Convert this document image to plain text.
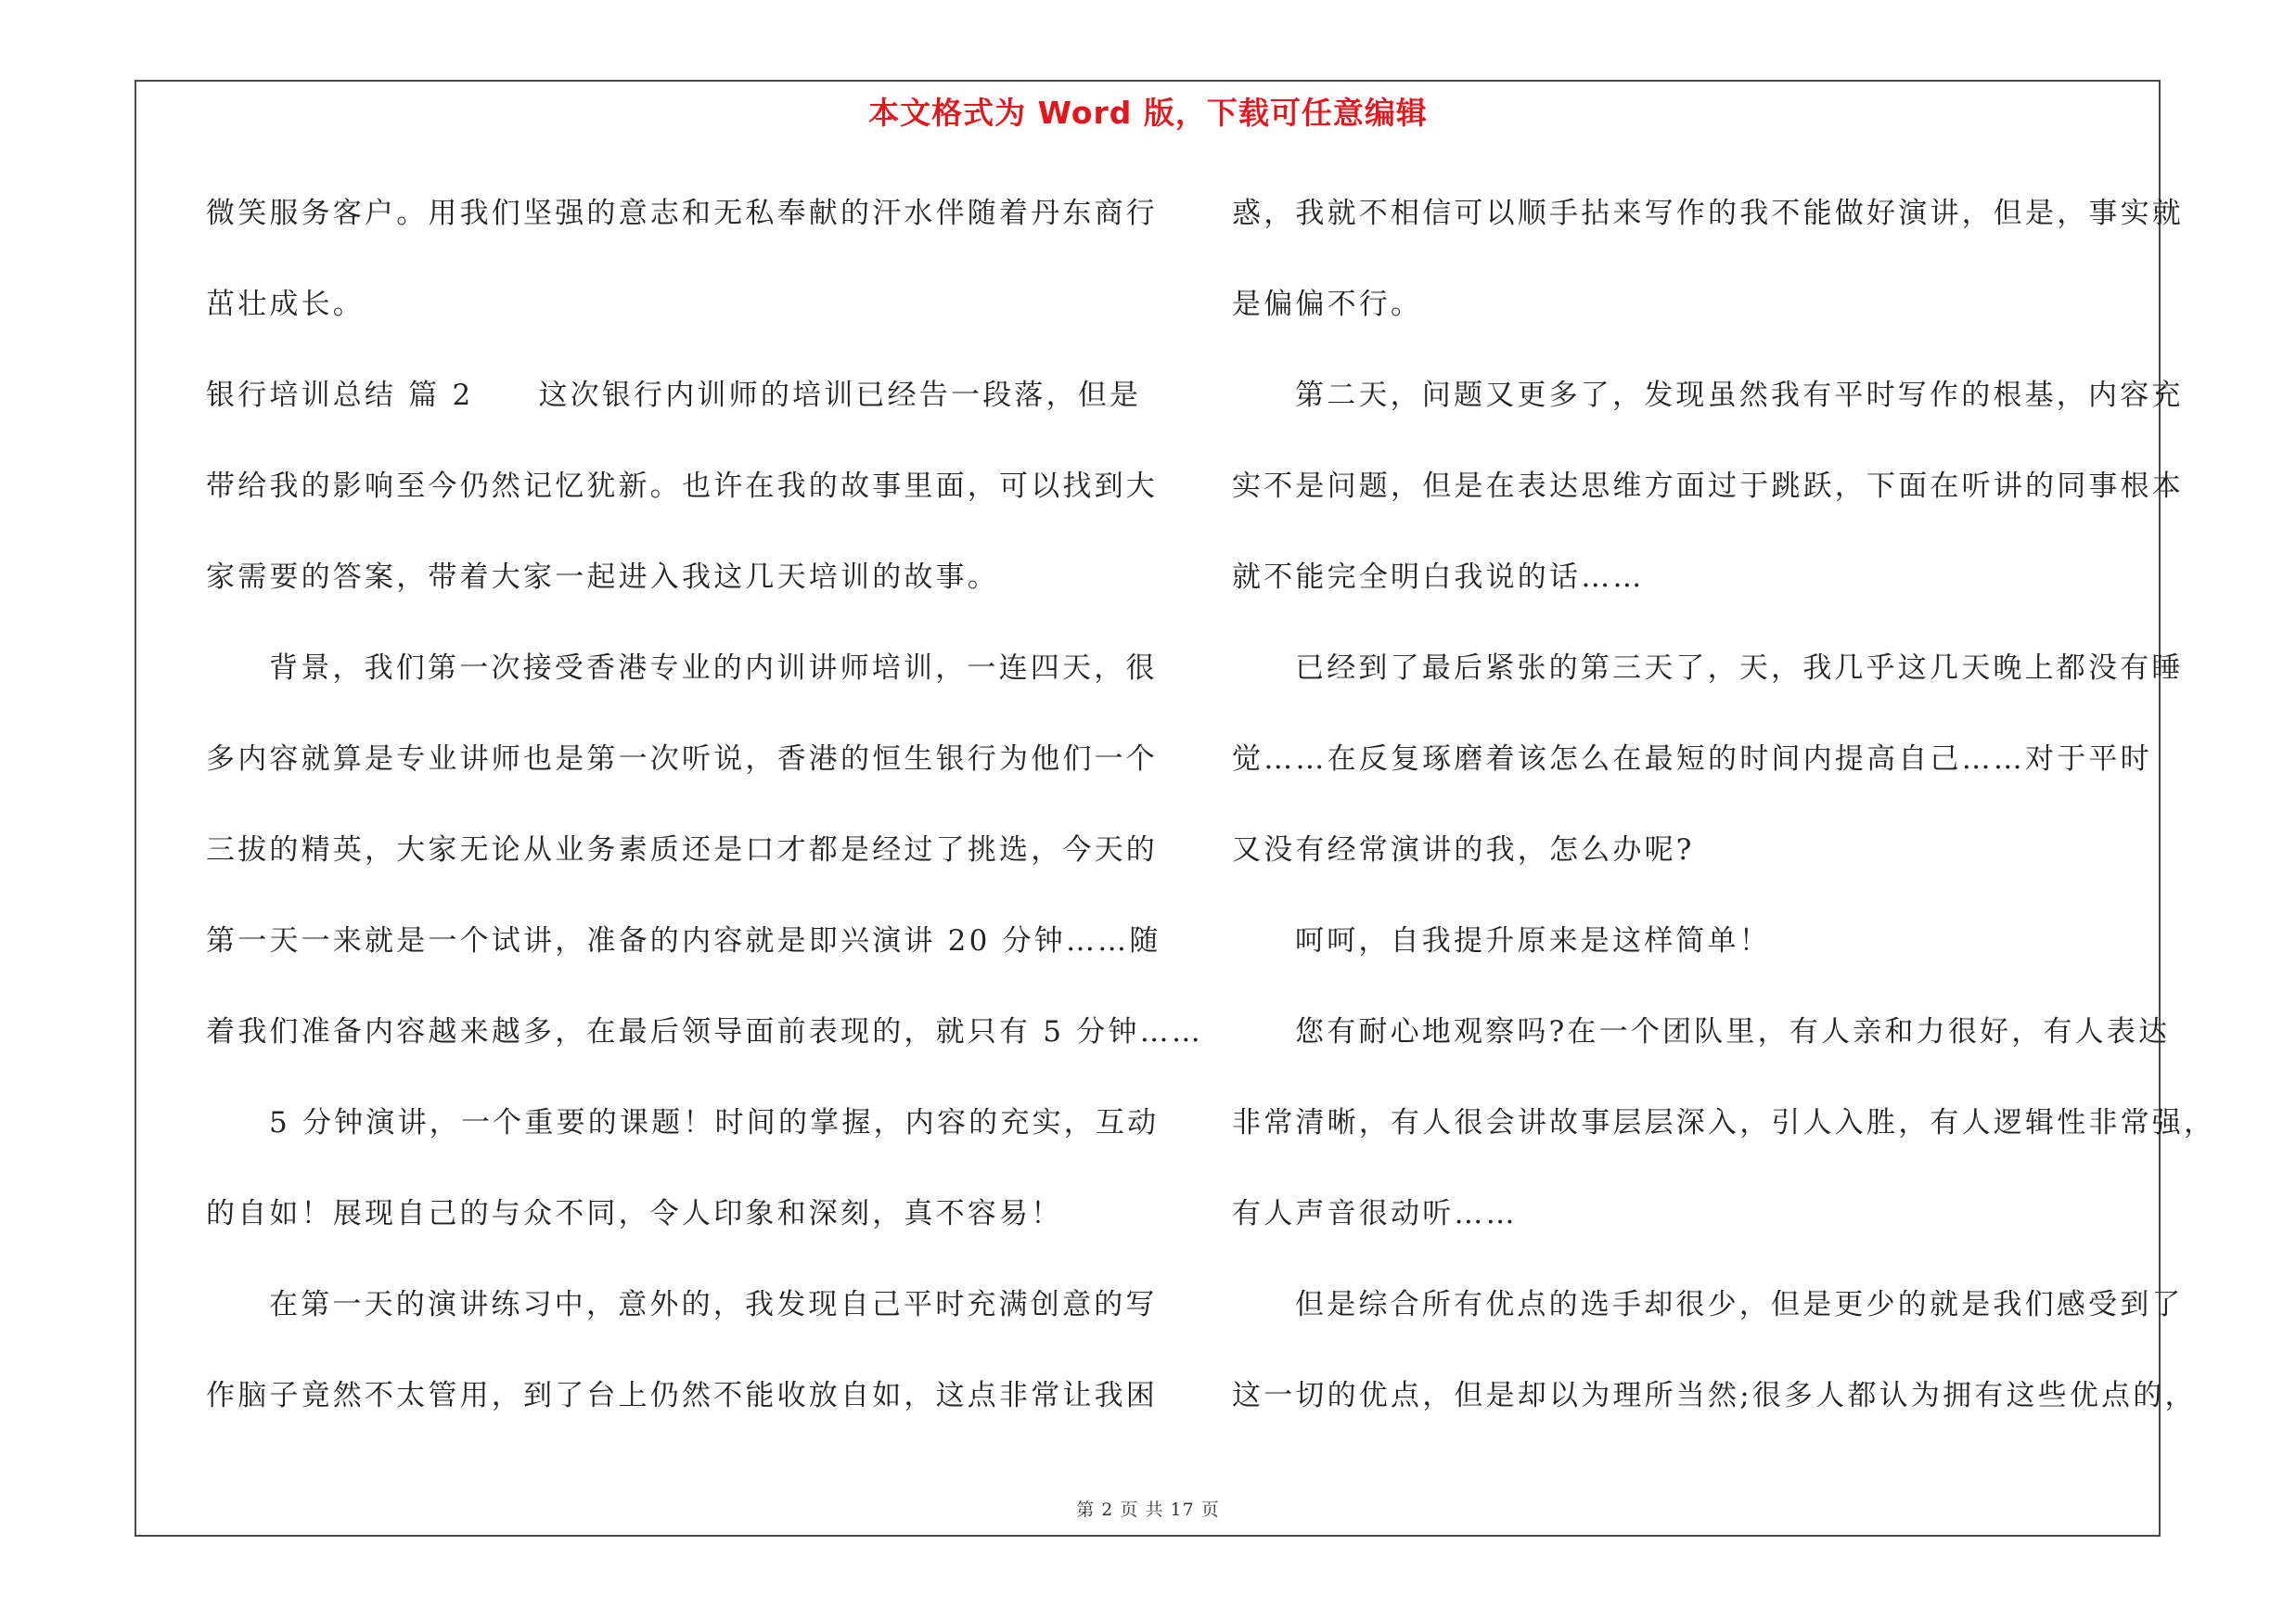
本文格式为 Word 版，下载可任意编辑
微笑服务客户。用我们坚强的意志和无私奉献的汗水伴随着丹东商行
茁壮成长。
银行培训总结 篇 2 这次银行内训师的培训已经告一段落，但是
带给我的影响至今仍然记忆犹新。也许在我的故事里面，可以找到大
家需要的答案，带着大家一起进入我这几天培训的故事。
背景，我们第一次接受香港专业的内训讲师培训，一连四天，很
多内容就算是专业讲师也是第一次听说，香港的恒生银行为他们一个
三拔的精英，大家无论从业务素质还是口才都是经过了挑选，今天的
第一天一来就是一个试讲，准备的内容就是即兴演讲 20 分钟……随
着我们准备内容越来越多，在最后领导面前表现的，就只有 5 分钟……
5 分钟演讲，一个重要的课题！时间的掌握，内容的充实，互动
的自如！展现自己的与众不同，令人印象和深刻，真不容易！
在第一天的演讲练习中，意外的，我发现自己平时充满创意的写
作脑子竟然不太管用，到了台上仍然不能收放自如，这点非常让我困
惑，我就不相信可以顺手拈来写作的我不能做好演讲，但是，事实就
是偏偏不行。
第二天，问题又更多了，发现虽然我有平时写作的根基，内容充
实不是问题，但是在表达思维方面过于跳跃，下面在听讲的同事根本
就不能完全明白我说的话……
已经到了最后紧张的第三天了，天，我几乎这几天晚上都没有睡
觉……在反复琢磨着该怎么在最短的时间内提高自己……对于平时
又没有经常演讲的我，怎么办呢?
呵呵，自我提升原来是这样简单！
您有耐心地观察吗?在一个团队里，有人亲和力很好，有人表达
非常清晰，有人很会讲故事层层深入，引人入胜，有人逻辑性非常强，
有人声音很动听……
但是综合所有优点的选手却很少，但是更少的就是我们感受到了
这一切的优点，但是却以为理所当然;很多人都认为拥有这些优点的，
第 2 页 共 17 页
